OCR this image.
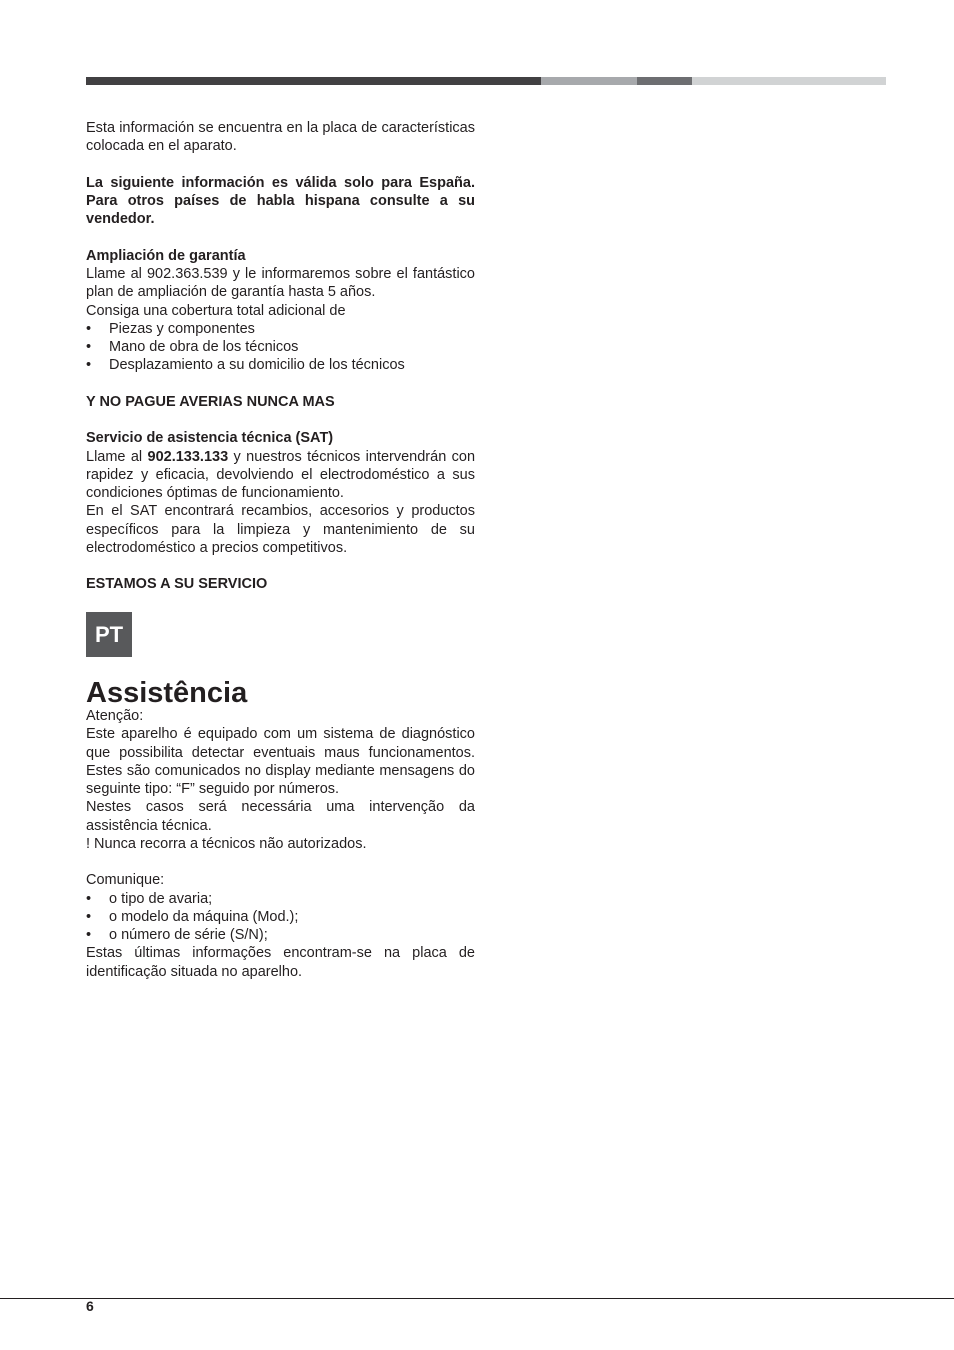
Esta información se encuentra en la placa de características colocada en el aparato.

La siguiente información es válida solo para España. Para otros países de habla hispana consulte a su vendedor.

Ampliación de garantía

Llame al 902.363.539 y le informaremos sobre el fantástico plan de ampliación de garantía hasta 5 años.

Consiga una cobertura total adicional de

• Piezas y componentes

• Mano de obra de los técnicos

• Desplazamiento a su domicilio de los técnicos

Y NO PAGUE AVERIAS NUNCA MAS

Servicio de asistencia técnica (SAT)

Llame al 902.133.133 y nuestros técnicos intervendrán con rapidez y eficacia, devolviendo el electrodoméstico a sus condiciones óptimas de funcionamiento.

En el SAT encontrará recambios, accesorios y productos específicos para la limpieza y mantenimiento de su electrodoméstico a precios competitivos.

ESTAMOS A SU SERVICIO

PT
Assistência

Atenção:

Este aparelho é equipado com um sistema de diagnóstico que possibilita detectar eventuais maus funcionamentos. Estes são comunicados no display mediante mensagens do seguinte tipo: “F” seguido por números.

Nestes casos será necessária uma intervenção da assistência técnica.

! Nunca recorra a técnicos não autorizados.

Comunique:

• o tipo de avaria;

• o modelo da máquina (Mod.);

• o número de série (S/N);

Estas últimas informações encontram-se na placa de identificação situada no aparelho.

6
